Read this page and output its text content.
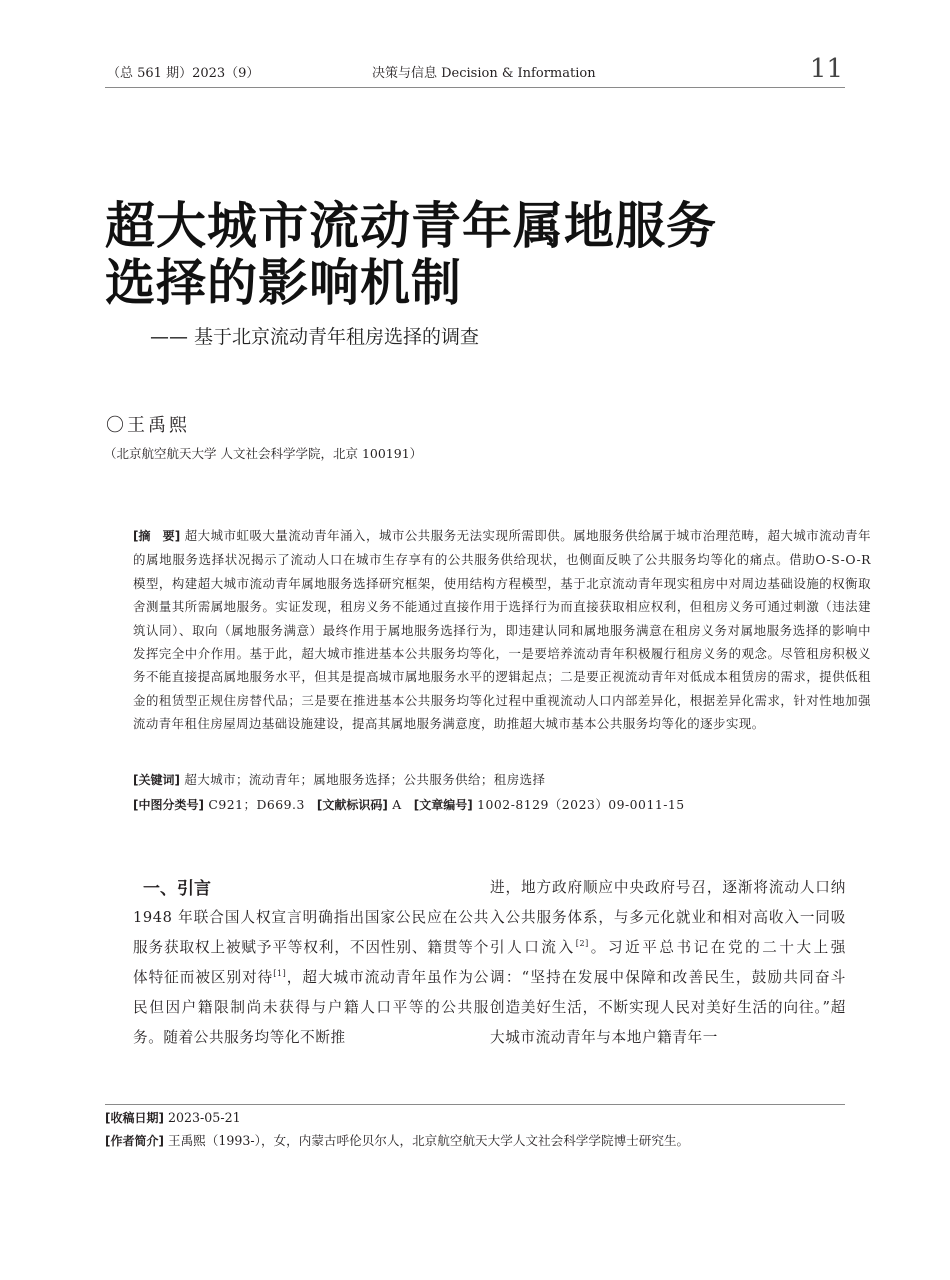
（总 561 期）2023（9）	决策与信息 Decision & Information	11
超大城市流动青年属地服务
选择的影响机制
—— 基于北京流动青年租房选择的调查
〇王禹熙
（北京航空航天大学 人文社会科学学院，北京 100191）
[摘　要] 超大城市虹吸大量流动青年涌入，城市公共服务无法实现所需即供。属地服务供给属于城市治理范畴，超大城市流动青年的属地服务选择状况揭示了流动人口在城市生存享有的公共服务供给现状，也侧面反映了公共服务均等化的痛点。借助O-S-O-R模型，构建超大城市流动青年属地服务选择研究框架，使用结构方程模型，基于北京流动青年现实租房中对周边基础设施的权衡取舍测量其所需属地服务。实证发现，租房义务不能通过直接作用于选择行为而直接获取相应权利，但租房义务可通过刺激（违法建筑认同）、取向（属地服务满意）最终作用于属地服务选择行为，即违建认同和属地服务满意在租房义务对属地服务选择的影响中发挥完全中介作用。基于此，超大城市推进基本公共服务均等化，一是要培养流动青年积极履行租房义务的观念。尽管租房积极义务不能直接提高属地服务水平，但其是提高城市属地服务水平的逻辑起点；二是要正视流动青年对低成本租赁房的需求，提供低租金的租赁型正规住房替代品；三是要在推进基本公共服务均等化过程中重视流动人口内部差异化，根据差异化需求，针对性地加强流动青年租住房屋周边基础设施建设，提高其属地服务满意度，助推超大城市基本公共服务均等化的逐步实现。
[关键词] 超大城市；流动青年；属地服务选择；公共服务供给；租房选择
[中图分类号] C921；D669.3 [文献标识码] A [文章编号] 1002-8129（2023）09-0011-15
一、引言
1948 年联合国人权宣言明确指出国家公民应在公共服务获取权上被赋予平等权利，不因性别、籍贯等个体特征而被区别对待[1]，超大城市流动青年虽作为公民但因户籍限制尚未获得与户籍人口平等的公共服务。随着公共服务均等化不断推
进，地方政府顺应中央政府号召，逐渐将流动人口纳入公共服务体系，与多元化就业和相对高收入一同吸引人口流入[2]。习近平总书记在党的二十大上强调：“坚持在发展中保障和改善民生，鼓励共同奋斗创造美好生活，不断实现人民对美好生活的向往。”超大城市流动青年与本地户籍青年一
[收稿日期] 2023-05-21
[作者简介] 王禹熙（1993-），女，内蒙古呼伦贝尔人，北京航空航天大学人文社会科学学院博士研究生。
